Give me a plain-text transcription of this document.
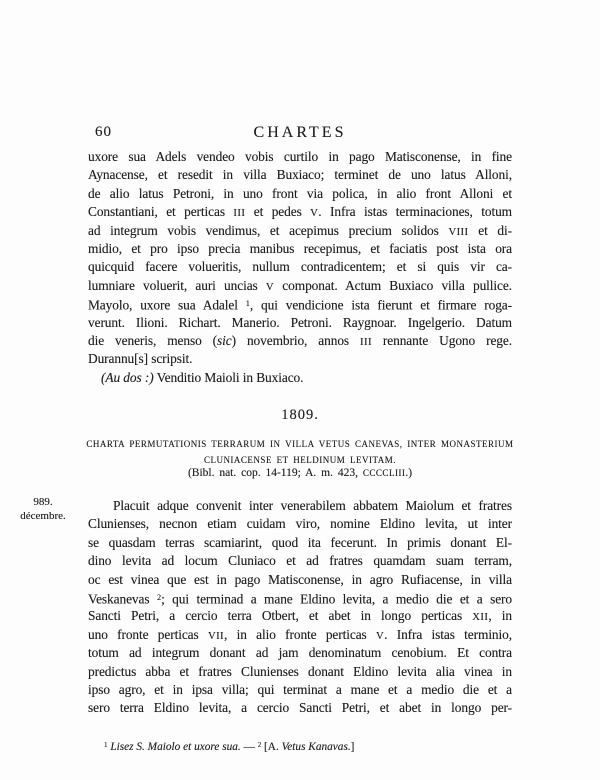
60	CHARTES
uxore sua Adels vendeo vobis curtilo in pago Matisconense, in fine
Aynacense, et resedit in villa Buxiaco; terminet de uno latus Alloni,
de alio latus Petroni, in uno front via polica, in alio front Alloni et
Constantiani, et perticas III et pedes V. Infra istas terminaciones, totum
ad integrum vobis vendimus, et acepimus precium solidos VIII et di-
midio, et pro ipso precia manibus recepimus, et faciatis post ista ora
quicquid facere volueritis, nullum contradicentem; et si quis vir ca-
lumniare voluerit, auri uncias V componat. Actum Buxiaco villa pullice.
Mayolo, uxore sua Adalel $^1$, qui vendicione ista fierunt et firmare roga-
verunt. Ilioni. Richart. Manerio. Petroni. Raygnoar. Ingelgerio. Datum
die veneris, menso (sic) novembrio, annos III rennante Ugono rege.
Durannu[s] scripsit.
(Au dos :) Venditio Maioli in Buxiaco.
1809.
CHARTA PERMUTATIONIS TERRARUM IN VILLA VETUS CANEVAS, INTER MONASTERIUM
CLUNIACENSE ET HELDINUM LEVITAM.
(Bibl. nat. cop. 14-119; A. m. 423, CCCCLIII.)
989.
décembre.
Placuit adque convenit inter venerabilem abbatem Maiolum et fratres
Clunienses, necnon etiam cuidam viro, nomine Eldino levita, ut inter
se quasdam terras scamiarint, quod ita fecerunt. In primis donant El-
dino levita ad locum Cluniaco et ad fratres quamdam suam terram,
oc est vinea que est in pago Matisconense, in agro Rufiacense, in villa
Veskanevas $^2$; qui terminad a mane Eldino levita, a medio die et a sero
Sancti Petri, a cercio terra Otbert, et abet in longo perticas XII, in
uno fronte perticas VII, in alio fronte perticas V. Infra istas terminio,
totum ad integrum donant ad jam denominatum cenobium. Et contra
predictus abba et fratres Clunienses donant Eldino levita alia vinea in
ipso agro, et in ipsa villa; qui terminat a mane et a medio die et a
sero terra Eldino levita, a cercio Sancti Petri, et abet in longo per-
$^1$ Lisez S. Maiolo et uxore sua. — $^2$ [A. Vetus Kanavas.]
